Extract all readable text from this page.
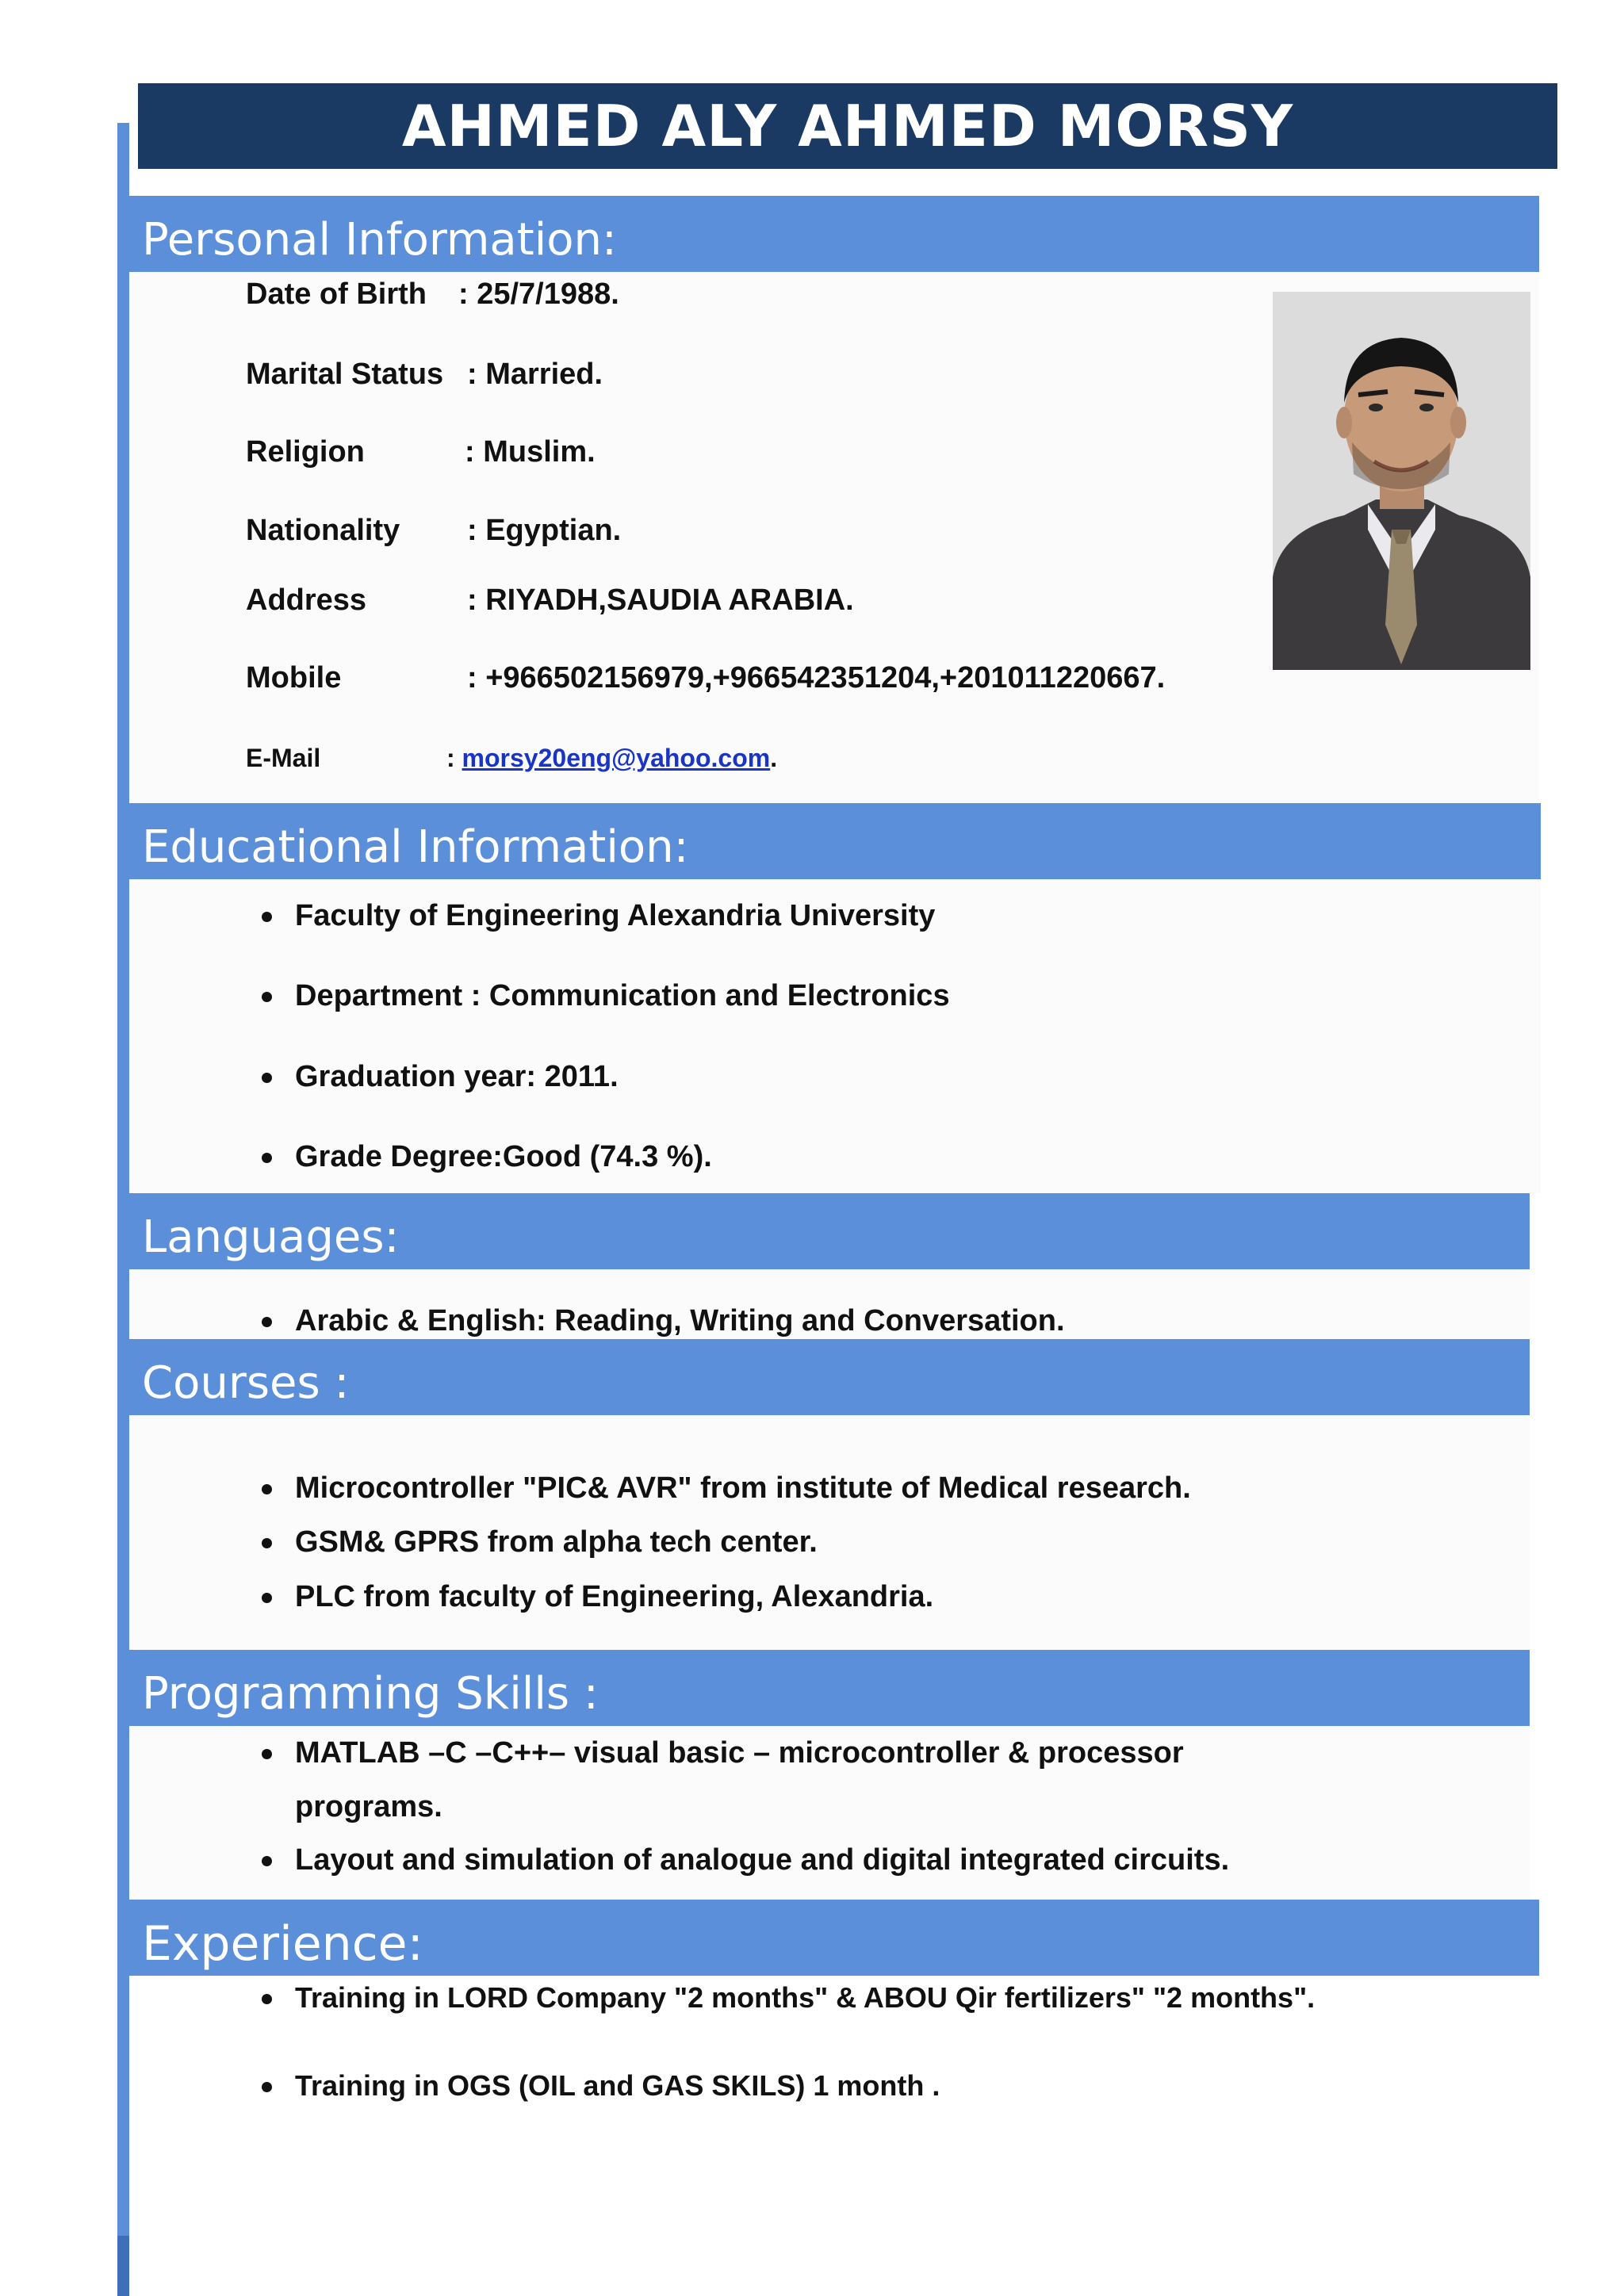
AHMED ALY AHMED MORSY
Personal Information:
Date of Birth : 25/7/1988.
Marital Status : Married.
Religion	: Muslim.
Nationality : Egyptian.
Address	: RIYADH,SAUDIA ARABIA.
Mobile	: +966502156979,+966542351204,+201011220667.
E-Mail	: morsy20eng@yahoo.com.
Educational Information:
Faculty of Engineering Alexandria University
Department : Communication and Electronics
Graduation year: 2011.
Grade Degree:Good (74.3 %).
Languages:
Arabic & English: Reading, Writing and Conversation.
Courses :
Microcontroller "PIC& AVR" from institute of Medical research.
GSM& GPRS from alpha tech center.
PLC from faculty of Engineering, Alexandria.
Programming Skills :
MATLAB –C –C++– visual basic – microcontroller & processor
programs.
Layout and simulation of analogue and digital integrated circuits.
Experience:
Training in LORD Company "2 months" & ABOU Qir fertilizers" "2 months".
Training in OGS (OIL and GAS SKILS) 1 month .
